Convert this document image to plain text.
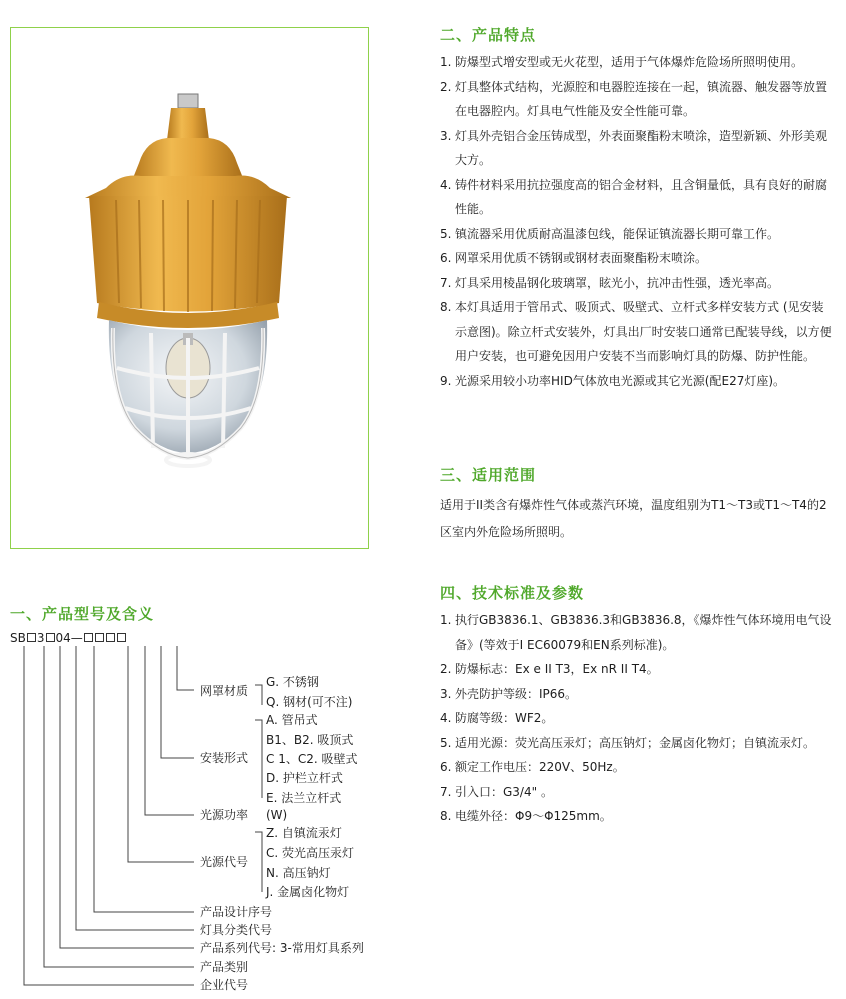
二、产品特点
1. 防爆型式增安型或无火花型，适用于气体爆炸危险场所照明使用。
2. 灯具整体式结构，光源腔和电器腔连接在一起，镇流器、触发器等放置在电器腔内。灯具电气性能及安全性能可靠。
3. 灯具外壳铝合金压铸成型，外表面聚酯粉末喷涂，造型新颖、外形美观大方。
4. 铸件材料采用抗拉强度高的铝合金材料，且含铜量低，具有良好的耐腐性能。
5. 镇流器采用优质耐高温漆包线，能保证镇流器长期可靠工作。
6. 网罩采用优质不锈钢或钢材表面聚酯粉末喷涂。
7. 灯具采用棱晶钢化玻璃罩，眩光小，抗冲击性强，透光率高。
8. 本灯具适用于管吊式、吸顶式、吸壁式、立杆式多样安装方式 (见安装示意图)。除立杆式安装外，灯具出厂时安装口通常已配装导线，以方便用户安装，也可避免因用户安装不当而影响灯具的防爆、防护性能。
9. 光源采用较小功率HID气体放电光源或其它光源(配E27灯座)。
三、适用范围

适用于II类含有爆炸性气体或蒸汽环境，温度组别为T1～T3或T1～T4的2区室内外危险场所照明。

四、技术标准及参数
1. 执行GB3836.1、GB3836.3和GB3836.8，《爆炸性气体环境用电气设备》(等效于I EC60079和EN系列标准)。
2. 防爆标志：Ex e II T3，Ex nR II T4。
3. 外壳防护等级：IP66。
4. 防腐等级：WF2。
5. 适用光源：荧光高压汞灯；高压钠灯；金属卤化物灯；自镇流汞灯。
6. 额定工作电压：220V、50Hz。
7. 引入口：G3/4" 。
8. 电缆外径：Φ9～Φ125mm。
一、产品型号及含义
SB 3 04—
网罩材质
G. 不锈钢
Q. 钢材(可不注)
安装形式
A. 管吊式
B1、B2. 吸顶式
C 1、C2. 吸壁式
D. 护栏立杆式
E. 法兰立杆式
光源功率 (W)
光源代号
Z. 自镇流汞灯
C. 荧光高压汞灯
N. 高压钠灯
J. 金属卤化物灯
产品设计序号
灯具分类代号
产品系列代号: 3-常用灯具系列
产品类别
企业代号
